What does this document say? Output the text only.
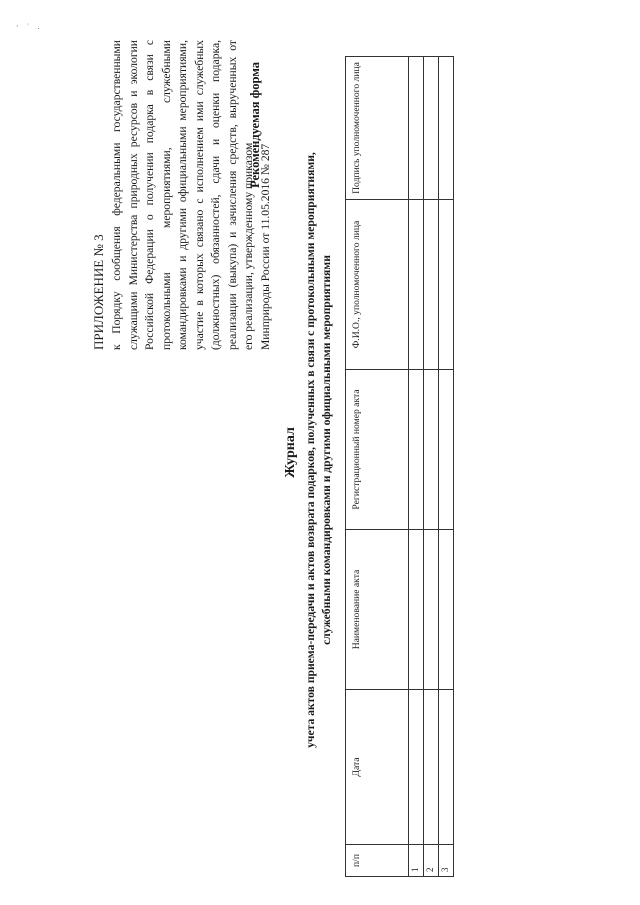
· ˙ .

ПРИЛОЖЕНИЕ № 3 к Порядку сообщения федеральными государственными служащими Министерства природных ресурсов и экологии Российской Федерации о получении подарка в связи с протокольными мероприятиями, служебными командировками и другими официальными мероприятиями, участие в которых связано с исполнением ими служебных (должностных) обязанностей, сдачи и оценки подарка, реализации (выкупа) и зачисления средств, вырученных от его реализации, утвержденному приказом Минприроды России от 11.05.2016 № 287

Рекомендуемая форма
Журнал учета актов приема-передачи и актов возврата подарков, полученных в связи с протокольными мероприятиями, служебными командировками и другими официальными мероприятиями
п/п	Дата	Наименование акта	Регистрационный номер акта	Ф.И.О., уполномоченного лица	Подпись уполномоченного лица
1					
2					
3					
